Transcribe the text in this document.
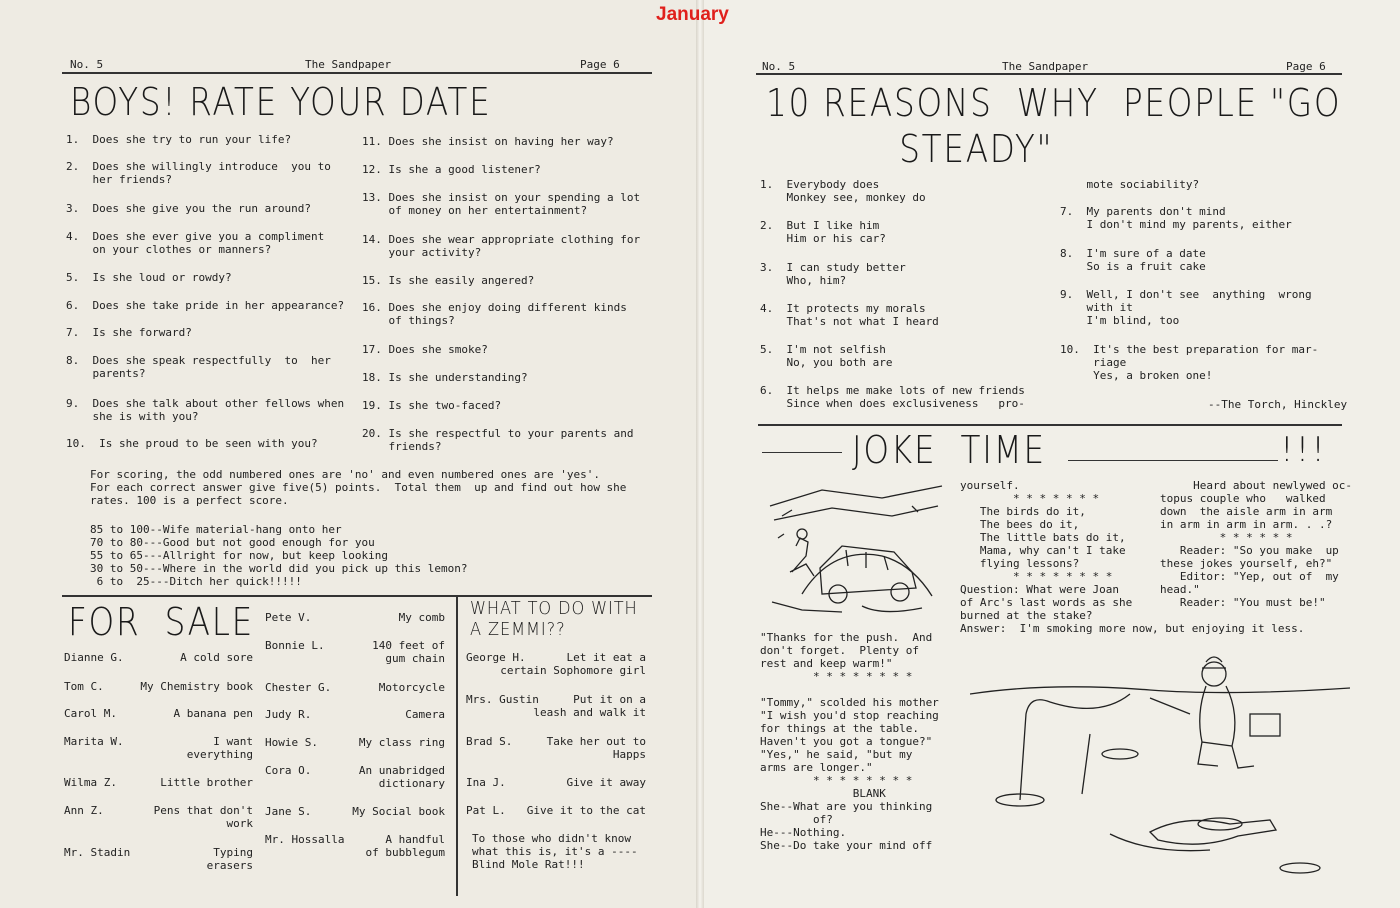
No. 5	The Sandpaper	Page 6
BOYS! RATE YOUR DATE
For scoring, the odd numbered ones are 'no' and even numbered ones are 'yes'.
For each correct answer give five(5) points.  Total them  up and find out how she
rates. 100 is a perfect score.
85 to 100--Wife material-hang onto her
70 to 80---Good but not good enough for you
55 to 65---Allright for now, but keep looking
30 to 50---Where in the world did you pick up this lemon?
6 to  25---Ditch her quick!!!!!
FOR  SALE	WHAT TO DO WITH
A ZEMMI??
To those who didn't know
what this is, it's a ----
Blind Mole Rat!!!
1.  Does she try to run your life?
2.  Does she willingly introduce  you to
her friends?
3.  Does she give you the run around?
4.  Does she ever give you a compliment
on your clothes or manners?
5.  Is she loud or rowdy?
6.  Does she take pride in her appearance?
7.  Is she forward?
8.  Does she speak respectfully  to  her
parents?
9.  Does she talk about other fellows when
she is with you?
10.  Is she proud to be seen with you?
11. Does she insist on having her way?
12. Is she a good listener?
13. Does she insist on your spending a lot
of money on her entertainment?
14. Does she wear appropriate clothing for
your activity?
15. Is she easily angered?
16. Does she enjoy doing different kinds
of things?
17. Does she smoke?
18. Is she understanding?
19. Is she two-faced?
20. Is she respectful to your parents and
friends?
Dianne G.	A cold sore
Tom C.	My Chemistry book
Carol M.	A banana pen
Marita W.	I want
everything
Wilma Z.	Little brother
Ann Z.	Pens that don't
work
Mr. Stadin	Typing
erasers
Pete V.	My comb
Bonnie L.	140 feet of
gum chain
Chester G.	Motorcycle
Judy R.	Camera
Howie S.	My class ring
Cora O.	An unabridged
dictionary
Jane S.	My Social book
Mr. Hossalla	A handful
of bubblegum
George H.	Let it eat a
certain Sophomore girl
Mrs. Gustin	Put it on a
leash and walk it
Brad S.	Take her out to
Happs
Ina J.	Give it away
Pat L.	Give it to the cat
No. 5	The Sandpaper	Page 6
10 REASONS  WHY  PEOPLE "GO
STEADY"
JOKE  TIME	!!!
"Thanks for the push.  And
don't forget.  Plenty of
rest and keep warm!"
* * * * * * * *

"Tommy," scolded his mother
"I wish you'd stop reaching
for things at the table.
Haven't you got a tongue?"
"Yes," he said, "but my
arms are longer."
* * * * * * * *
BLANK
She--What are you thinking
of?
He---Nothing.
She--Do take your mind off
yourself.
* * * * * * *
The birds do it,
The bees do it,
The little bats do it,
Mama, why can't I take
flying lessons?
* * * * * * * *
Question: What were Joan
of Arc's last words as she
burned at the stake?
Answer:  I'm smoking more now, but enjoying it less.
Heard about newlywed oc-
topus couple who   walked
down  the aisle arm in arm
in arm in arm in arm. . .?
* * * * * *
Reader: "So you make  up
these jokes yourself, eh?"
Editor: "Yep, out of  my
head."
Reader: "You must be!"
1.  Everybody does
Monkey see, monkey do
2.  But I like him
Him or his car?
3.  I can study better
Who, him?
4.  It protects my morals
That's not what I heard
5.  I'm not selfish
No, you both are
6.  It helps me make lots of new friends
Since when does exclusiveness   pro-
mote sociability?
7.  My parents don't mind
I don't mind my parents, either
8.  I'm sure of a date
So is a fruit cake
9.  Well, I don't see  anything  wrong
with it
I'm blind, too
10.  It's the best preparation for mar-
riage
Yes, a broken one!
--The Torch, Hinckley
January
